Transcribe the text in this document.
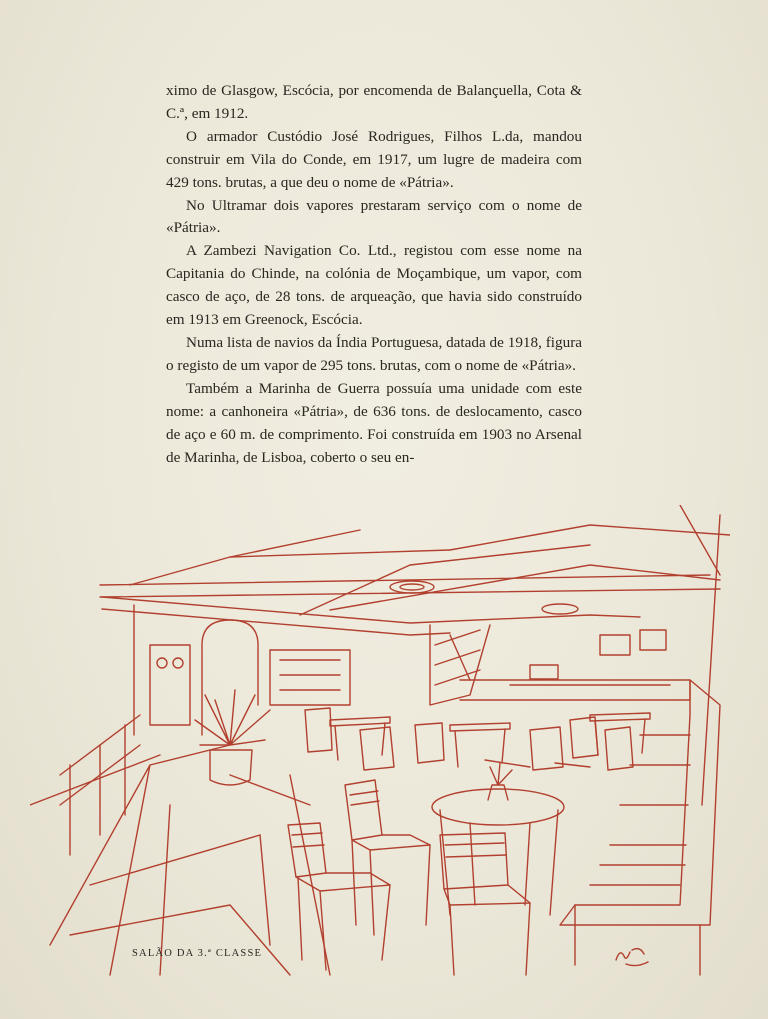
ximo de Glasgow, Escócia, por encomenda de Balançuella, Cota & C.ª, em 1912.

O armador Custódio José Rodrigues, Filhos L.da, mandou construir em Vila do Conde, em 1917, um lugre de madeira com 429 tons. brutas, a que deu o nome de «Pátria».

No Ultramar dois vapores prestaram serviço com o nome de «Pátria».

A Zambezi Navigation Co. Ltd., registou com esse nome na Capitania do Chinde, na colónia de Moçambique, um vapor, com casco de aço, de 28 tons. de arqueação, que havia sido construído em 1913 em Greenock, Escócia.

Numa lista de navios da Índia Portuguesa, datada de 1918, figura o registo de um vapor de 295 tons. brutas, com o nome de «Pátria».

Também a Marinha de Guerra possuía uma unidade com este nome: a canhoneira «Pátria», de 636 tons. de deslocamento, casco de aço e 60 m. de comprimento. Foi construída em 1903 no Arsenal de Marinha, de Lisboa, coberto o seu en-

SALÃO DA 3.ª CLASSE
